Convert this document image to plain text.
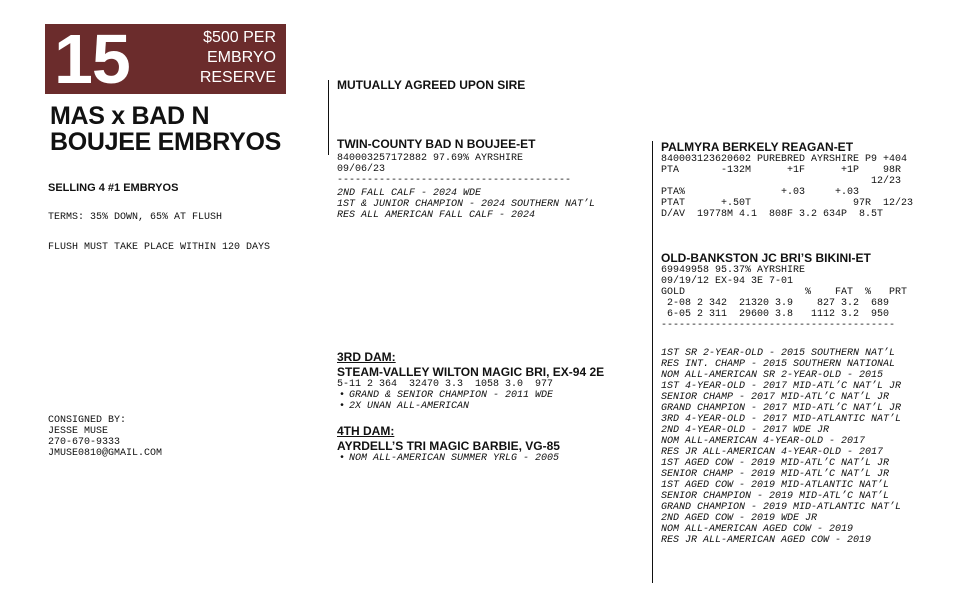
15	$500 PER
EMBRYO
RESERVE
MAS x BAD N
BOUJEE EMBRYOS
SELLING 4 #1 EMBRYOS
TERMS: 35% DOWN, 65% AT FLUSH
FLUSH MUST TAKE PLACE WITHIN 120 DAYS
CONSIGNED BY:
JESSE MUSE
270-670-9333
JMUSE0810@GMAIL.COM
MUTUALLY AGREED UPON SIRE
TWIN-COUNTY BAD N BOUJEE-ET
840003257172882 97.69% AYRSHIRE
09/06/23
---------------------------------------
2ND FALL CALF - 2024 WDE
1ST & JUNIOR CHAMPION - 2024 SOUTHERN NAT’L
RES ALL AMERICAN FALL CALF - 2024
3RD DAM:
STEAM-VALLEY WILTON MAGIC BRI, EX-94 2E
5-11 2 364  32470 3.3  1058 3.0  977
• GRAND & SENIOR CHAMPION - 2011 WDE
• 2X UNAN ALL-AMERICAN
4TH DAM:
AYRDELL’S TRI MAGIC BARBIE, VG-85
• NOM ALL-AMERICAN SUMMER YRLG - 2005
PALMYRA BERKELY REAGAN-ET
840003123620602 PUREBRED AYRSHIRE P9 +404
PTA       -132M      +1F      +1P    98R
12/23
PTA%                +.03     +.03
PTAT      +.50T                 97R  12/23
D/AV  19778M 4.1  808F 3.2 634P  8.5T
OLD-BANKSTON JC BRI’S BIKINI-ET
69949958 95.37% AYRSHIRE
09/19/12 EX-94 3E 7-01
GOLD                    %    FAT  %   PRT
2-08 2 342  21320 3.9    827 3.2  689
6-05 2 311  29600 3.8   1112 3.2  950
---------------------------------------
1ST SR 2-YEAR-OLD - 2015 SOUTHERN NAT’L
RES INT. CHAMP - 2015 SOUTHERN NATIONAL
NOM ALL-AMERICAN SR 2-YEAR-OLD - 2015
1ST 4-YEAR-OLD - 2017 MID-ATL’C NAT’L JR
SENIOR CHAMP - 2017 MID-ATL’C NAT’L JR
GRAND CHAMPION - 2017 MID-ATL’C NAT’L JR
3RD 4-YEAR-OLD - 2017 MID-ATLANTIC NAT’L
2ND 4-YEAR-OLD - 2017 WDE JR
NOM ALL-AMERICAN 4-YEAR-OLD - 2017
RES JR ALL-AMERICAN 4-YEAR-OLD - 2017
1ST AGED COW - 2019 MID-ATL’C NAT’L JR
SENIOR CHAMP - 2019 MID-ATL’C NAT’L JR
1ST AGED COW - 2019 MID-ATLANTIC NAT’L
SENIOR CHAMPION - 2019 MID-ATL’C NAT’L
GRAND CHAMPION - 2019 MID-ATLANTIC NAT’L
2ND AGED COW - 2019 WDE JR
NOM ALL-AMERICAN AGED COW - 2019
RES JR ALL-AMERICAN AGED COW - 2019
